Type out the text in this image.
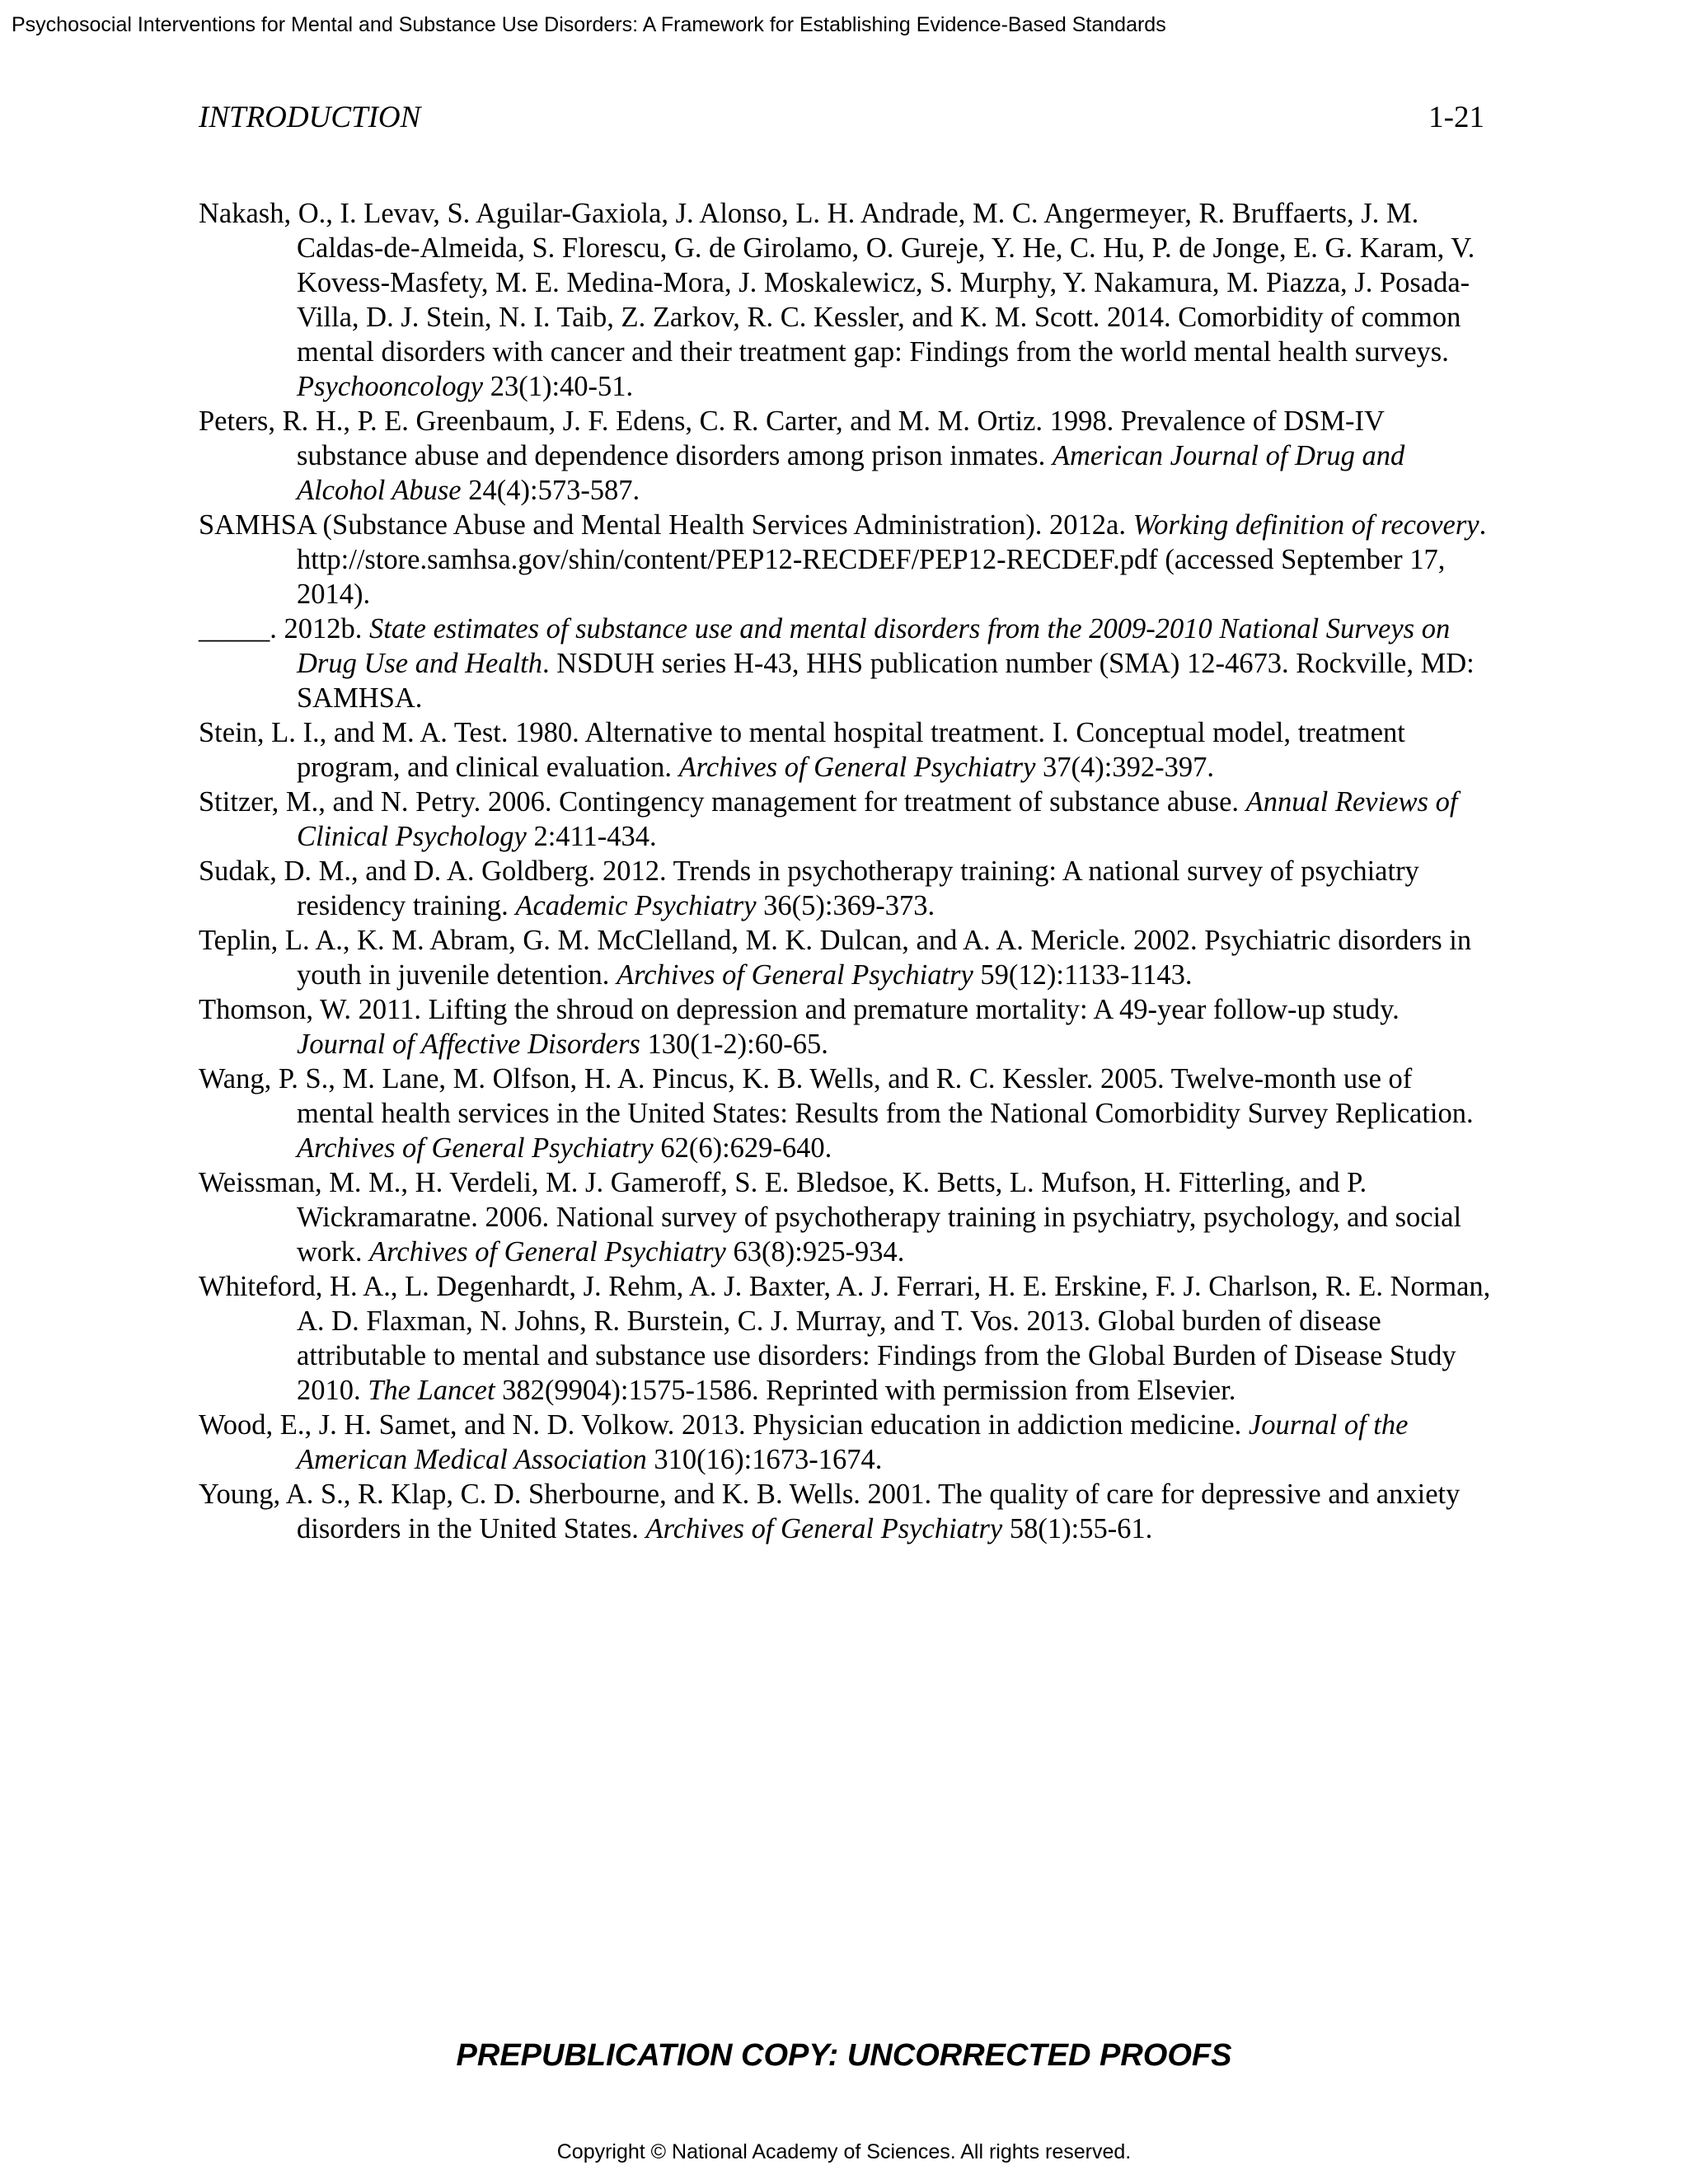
Psychosocial Interventions for Mental and Substance Use Disorders: A Framework for Establishing Evidence-Based Standards
INTRODUCTION	1-21

Nakash, O., I. Levav, S. Aguilar-Gaxiola, J. Alonso, L. H. Andrade, M. C. Angermeyer, R. Bruffaerts, J. M. Caldas-de-Almeida, S. Florescu, G. de Girolamo, O. Gureje, Y. He, C. Hu, P. de Jonge, E. G. Karam, V. Kovess-Masfety, M. E. Medina-Mora, J. Moskalewicz, S. Murphy, Y. Nakamura, M. Piazza, J. Posada-Villa, D. J. Stein, N. I. Taib, Z. Zarkov, R. C. Kessler, and K. M. Scott. 2014. Comorbidity of common mental disorders with cancer and their treatment gap: Findings from the world mental health surveys. Psychooncology 23(1):40-51.

Peters, R. H., P. E. Greenbaum, J. F. Edens, C. R. Carter, and M. M. Ortiz. 1998. Prevalence of DSM-IV substance abuse and dependence disorders among prison inmates. American Journal of Drug and Alcohol Abuse 24(4):573-587.

SAMHSA (Substance Abuse and Mental Health Services Administration). 2012a. Working definition of recovery. http://store.samhsa.gov/shin/content/PEP12-RECDEF/PEP12-RECDEF.pdf (accessed September 17, 2014).

_____. 2012b. State estimates of substance use and mental disorders from the 2009-2010 National Surveys on Drug Use and Health. NSDUH series H-43, HHS publication number (SMA) 12-4673. Rockville, MD: SAMHSA.

Stein, L. I., and M. A. Test. 1980. Alternative to mental hospital treatment. I. Conceptual model, treatment program, and clinical evaluation. Archives of General Psychiatry 37(4):392-397.

Stitzer, M., and N. Petry. 2006. Contingency management for treatment of substance abuse. Annual Reviews of Clinical Psychology 2:411-434.

Sudak, D. M., and D. A. Goldberg. 2012. Trends in psychotherapy training: A national survey of psychiatry residency training. Academic Psychiatry 36(5):369-373.

Teplin, L. A., K. M. Abram, G. M. McClelland, M. K. Dulcan, and A. A. Mericle. 2002. Psychiatric disorders in youth in juvenile detention. Archives of General Psychiatry 59(12):1133-1143.

Thomson, W. 2011. Lifting the shroud on depression and premature mortality: A 49-year follow-up study. Journal of Affective Disorders 130(1-2):60-65.

Wang, P. S., M. Lane, M. Olfson, H. A. Pincus, K. B. Wells, and R. C. Kessler. 2005. Twelve-month use of mental health services in the United States: Results from the National Comorbidity Survey Replication. Archives of General Psychiatry 62(6):629-640.

Weissman, M. M., H. Verdeli, M. J. Gameroff, S. E. Bledsoe, K. Betts, L. Mufson, H. Fitterling, and P. Wickramaratne. 2006. National survey of psychotherapy training in psychiatry, psychology, and social work. Archives of General Psychiatry 63(8):925-934.

Whiteford, H. A., L. Degenhardt, J. Rehm, A. J. Baxter, A. J. Ferrari, H. E. Erskine, F. J. Charlson, R. E. Norman, A. D. Flaxman, N. Johns, R. Burstein, C. J. Murray, and T. Vos. 2013. Global burden of disease attributable to mental and substance use disorders: Findings from the Global Burden of Disease Study 2010. The Lancet 382(9904):1575-1586. Reprinted with permission from Elsevier.

Wood, E., J. H. Samet, and N. D. Volkow. 2013. Physician education in addiction medicine. Journal of the American Medical Association 310(16):1673-1674.

Young, A. S., R. Klap, C. D. Sherbourne, and K. B. Wells. 2001. The quality of care for depressive and anxiety disorders in the United States. Archives of General Psychiatry 58(1):55-61.

PREPUBLICATION COPY: UNCORRECTED PROOFS
Copyright © National Academy of Sciences. All rights reserved.
